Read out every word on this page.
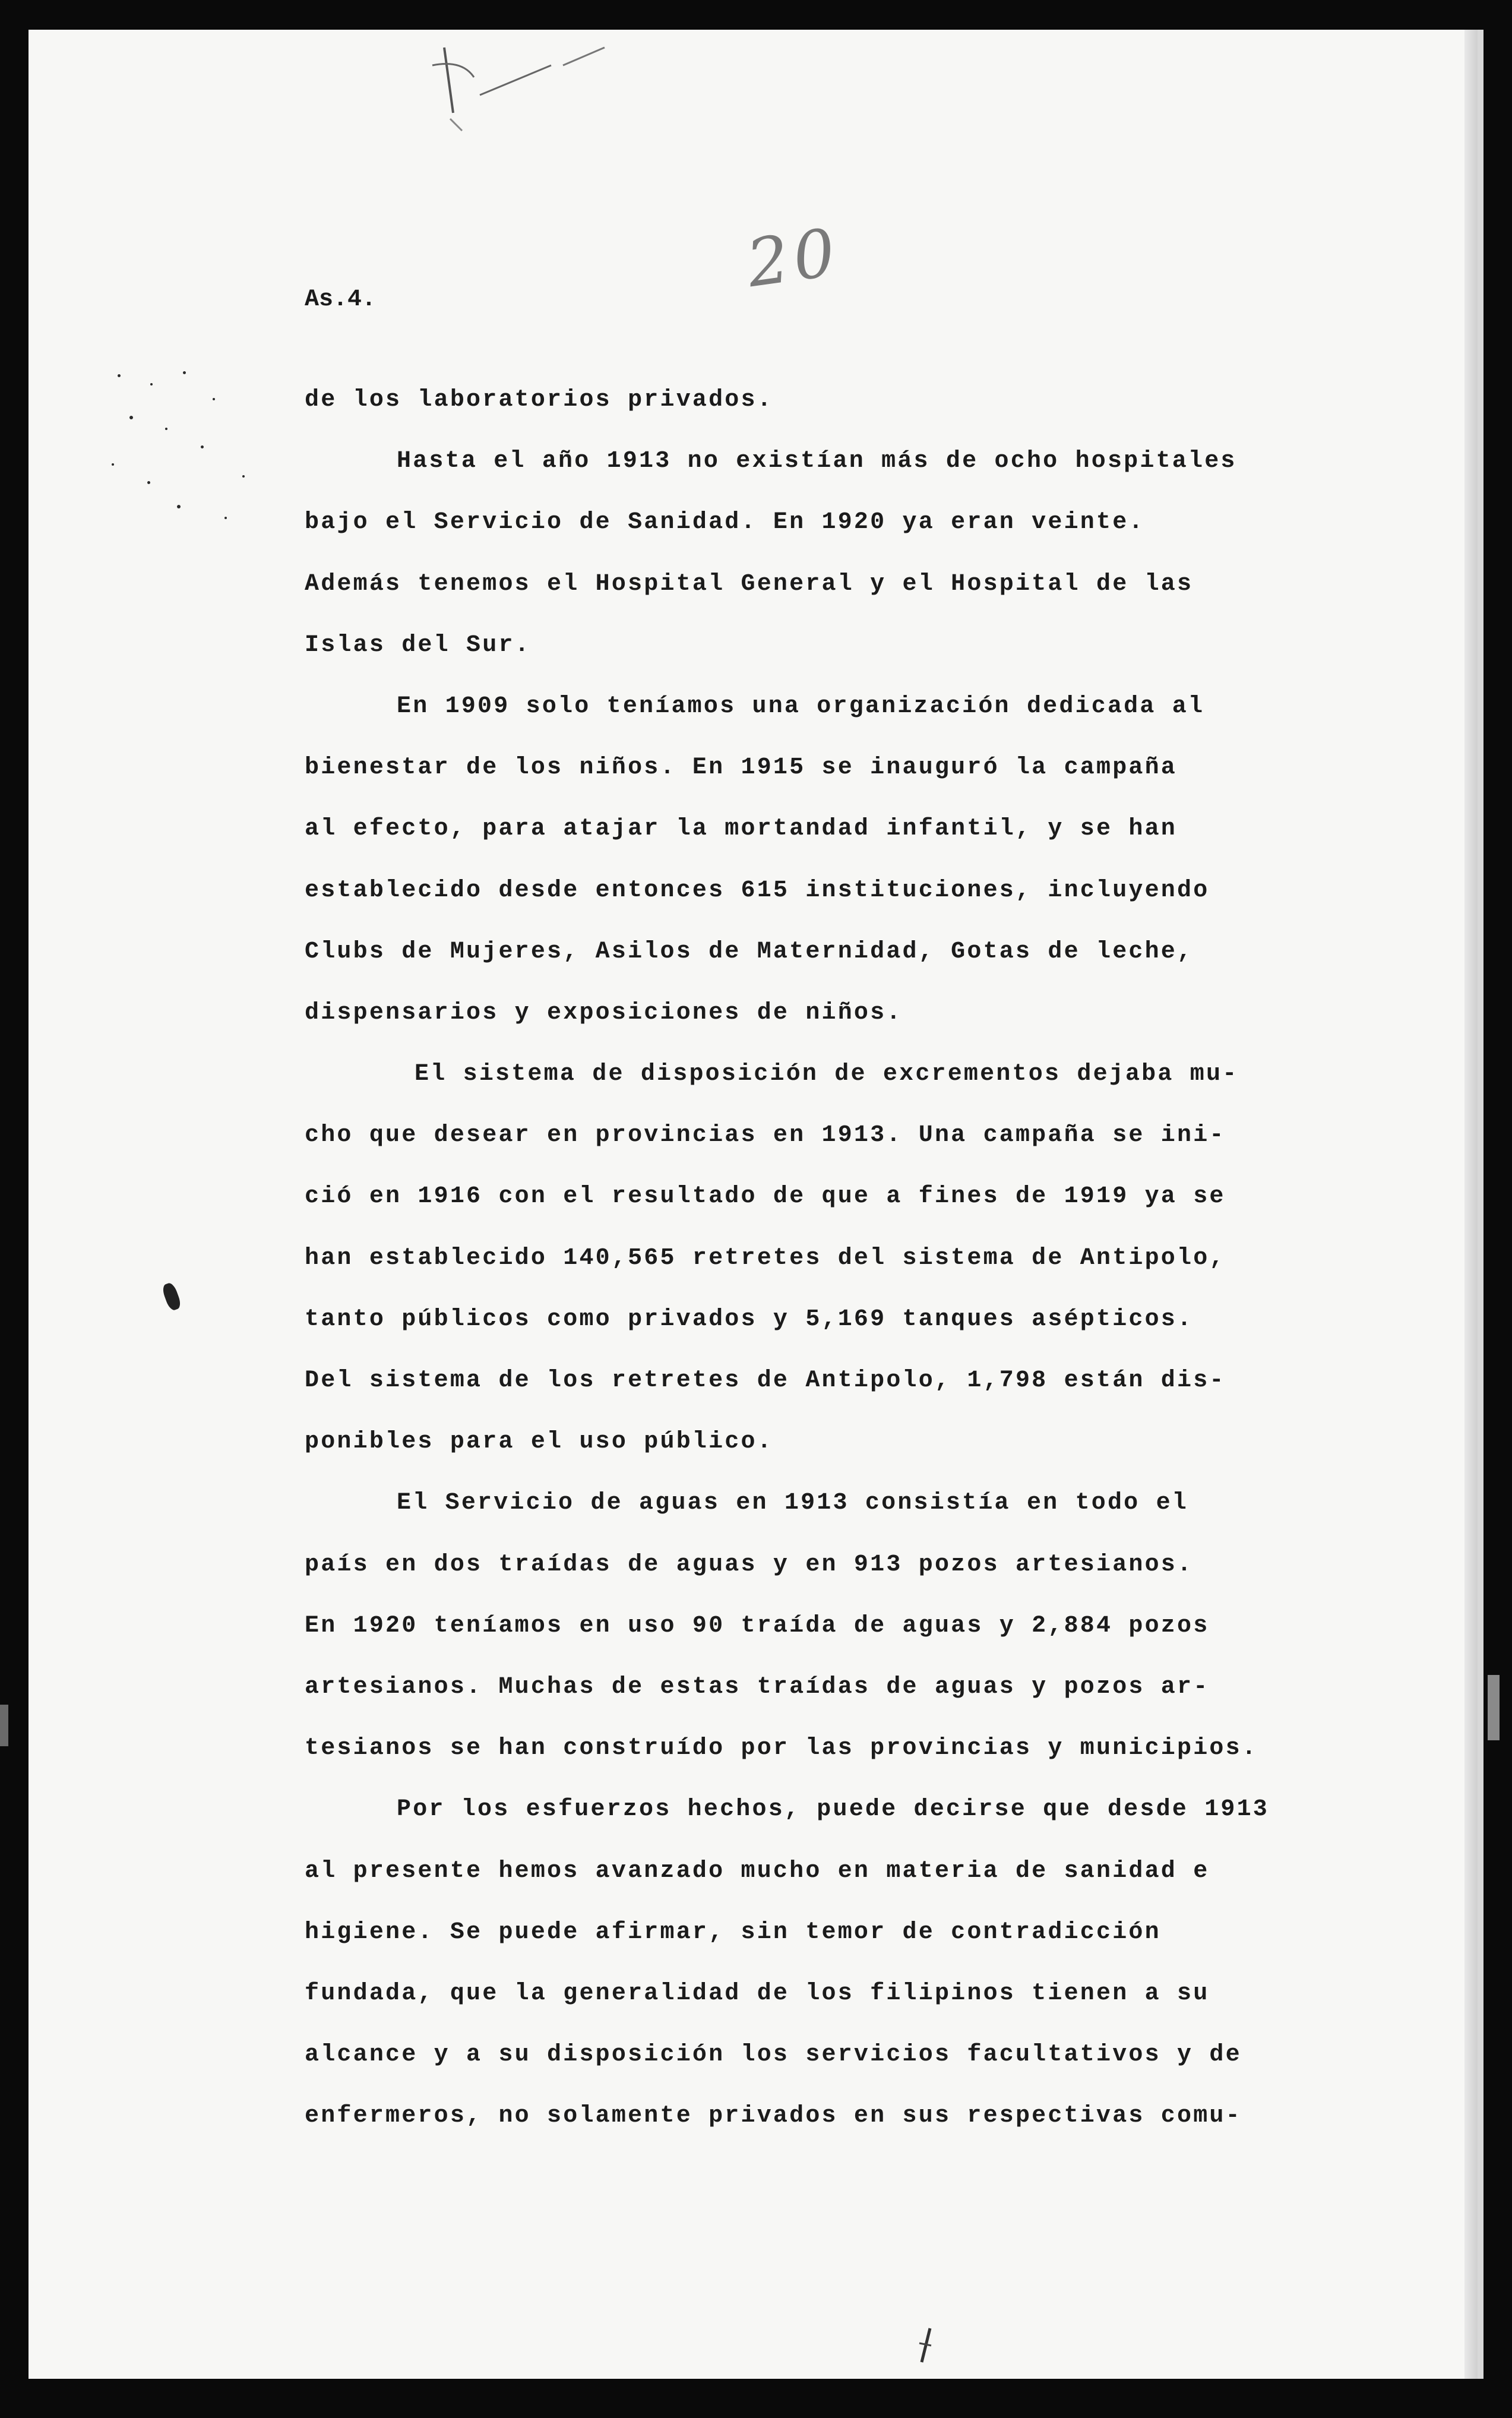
20
As.4.
de los laboratorios privados.
Hasta el año 1913 no existían más de ocho hospitales
bajo el Servicio de Sanidad. En 1920 ya eran veinte.
Además tenemos el Hospital General y el Hospital de las
Islas del Sur.
En 1909 solo teníamos una organización dedicada al
bienestar de los niños. En 1915 se inauguró la campaña
al efecto, para atajar la mortandad infantil, y se han
establecido desde entonces 615 instituciones, incluyendo
Clubs de Mujeres, Asilos de Maternidad, Gotas de leche,
dispensarios y exposiciones de niños.
El sistema de disposición de excrementos dejaba mu-
cho que desear en provincias en 1913. Una campaña se ini-
ció en 1916 con el resultado de que a fines de 1919 ya se
han establecido 140,565 retretes del sistema de Antipolo,
tanto públicos como privados y 5,169 tanques asépticos.
Del sistema de los retretes de Antipolo, 1,798 están dis-
ponibles para el uso público.
El Servicio de aguas en 1913 consistía en todo el
país en dos traídas de aguas y en 913 pozos artesianos.
En 1920 teníamos en uso 90 traída de aguas y 2,884 pozos
artesianos. Muchas de estas traídas de aguas y pozos ar-
tesianos se han construído por las provincias y municipios.
Por los esfuerzos hechos, puede decirse que desde 1913
al presente hemos avanzado mucho en materia de sanidad e
higiene. Se puede afirmar, sin temor de contradicción
fundada, que la generalidad de los filipinos tienen a su
alcance y a su disposición los servicios facultativos y de
enfermeros, no solamente privados en sus respectivas comu-
